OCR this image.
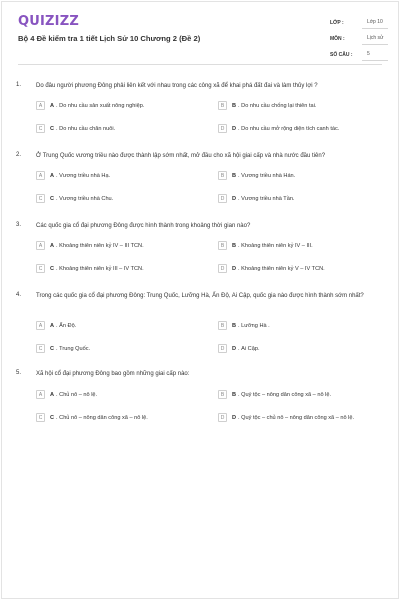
QUIZIZZ
Bộ 4 Đề kiểm tra 1 tiết Lịch Sử 10 Chương 2 (Đề 2)
LỚP :	Lớp 10
MÔN :	Lịch sử
SỐ CÂU :	5
1. Do đâu người phương Đông phải liên kết với nhau trong các công xã để khai phá đất đai và làm thủy lợi ?
A	A . Do nhu cầu sản xuất nông nghiệp.	B	B . Do nhu cầu chống lại thiên tai.
C	C . Do nhu cầu chăn nuôi.	D	D . Do nhu cầu mở rộng diện tích canh tác.
2. Ở Trung Quốc vương triều nào được thành lập sớm nhất, mở đầu cho xã hội giai cấp và nhà nước đầu tiên?
A	A . Vương triều nhà Hạ.	B	B . Vương triều nhà Hán.
C	C . Vương triều nhà Chu.	D	D . Vương triều nhà Tần.
3. Các quốc gia cổ đại phương Đông được hình thành trong khoảng thời gian nào?
A	A . Khoảng thiên niên kỷ IV – III TCN.	B	B . Khoảng thiên niên kỷ IV – III.
C	C . Khoảng thiên niên kỷ III – IV TCN.	D	D . Khoảng thiên niên kỷ V – IV TCN.
4. Trong các quốc gia cổ đại phương Đông: Trung Quốc, Lưỡng Hà, Ấn Độ, Ai Cập, quốc gia nào được hình thành sớm nhất?
A	A . Ấn Độ.	B	B . Lưỡng Hà .
C	C . Trung Quốc.	D	D . Ai Cập.
5. Xã hội cổ đại phương Đông bao gồm những giai cấp nào:
A	A . Chủ nô – nô lệ.	B	B . Quý tộc – nông dân công xã – nô lệ.
C	C . Chủ nô – nông dân công xã – nô lệ.	D	D . Quý tộc – chủ nô – nông dân công xã – nô lệ.
